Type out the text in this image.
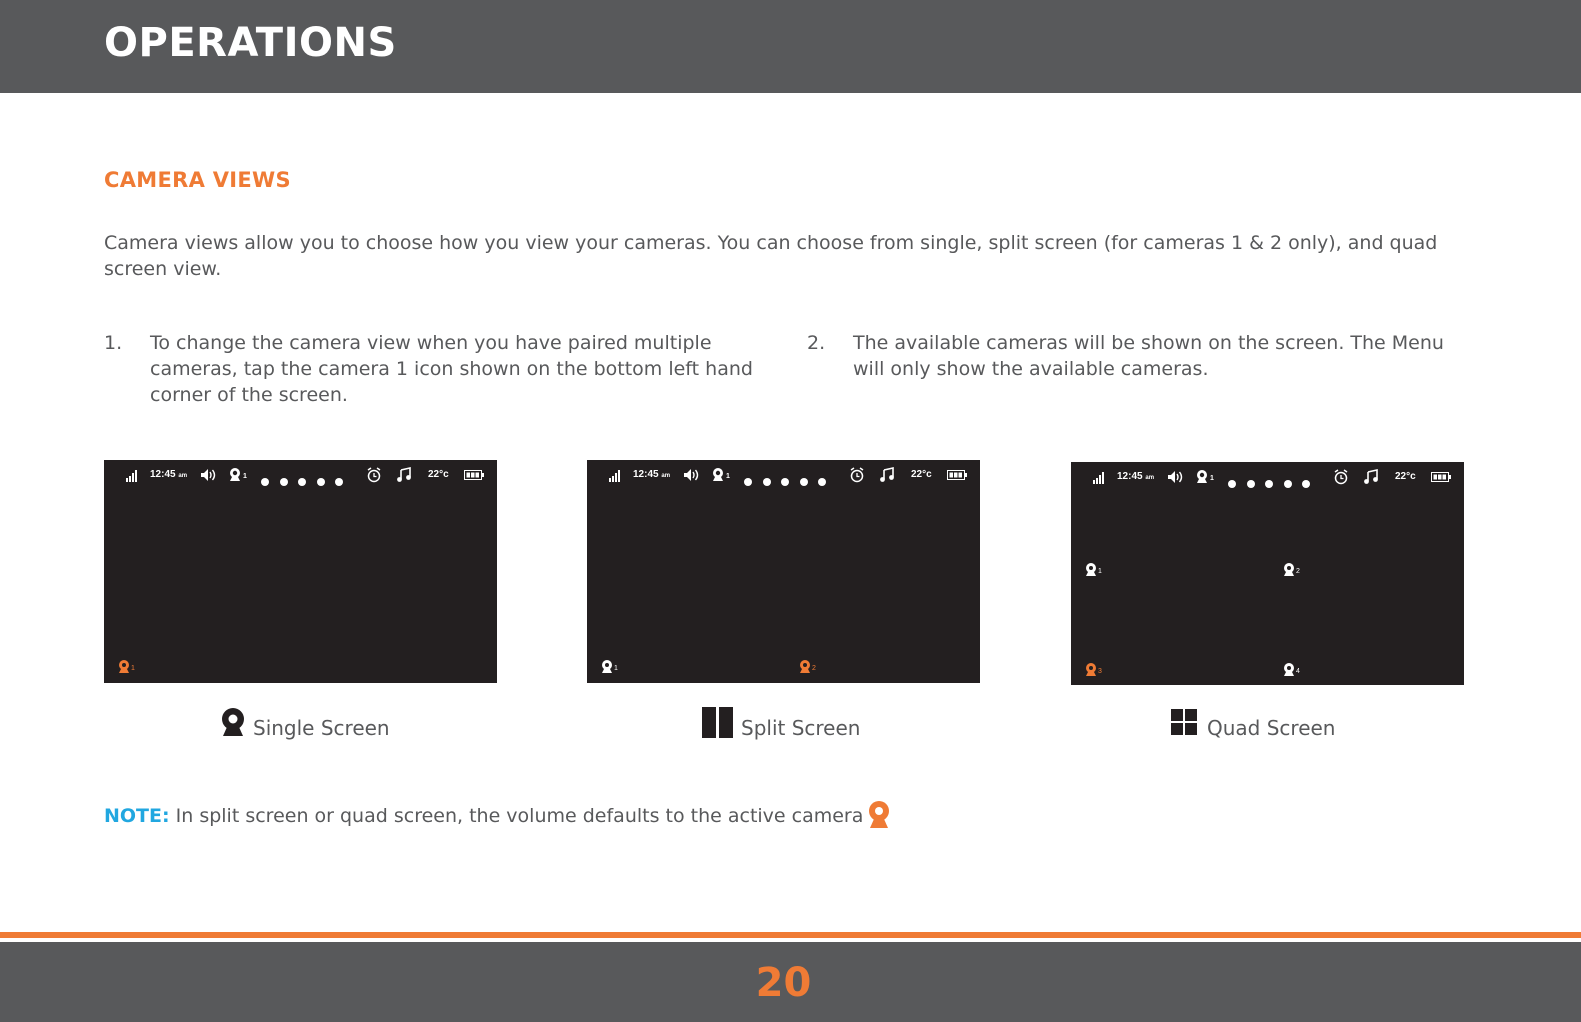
OPERATIONS
CAMERA VIEWS
Camera views allow you to choose how you view your cameras. You can choose from single, split screen (for cameras 1 & 2 only), and quad screen view.
1. To change the camera view when you have paired multiple cameras, tap the camera 1 icon shown on the bottom left hand corner of the screen.
2. The available cameras will be shown on the screen. The Menu will only show the available cameras.
12:45 am	1	22°c
1
12:45 am	1	22°c
1	2
12:45 am	1	22°c
1	2
3	4
Single Screen	Split Screen	Quad Screen
NOTE: In split screen or quad screen, the volume defaults to the active camera
20
